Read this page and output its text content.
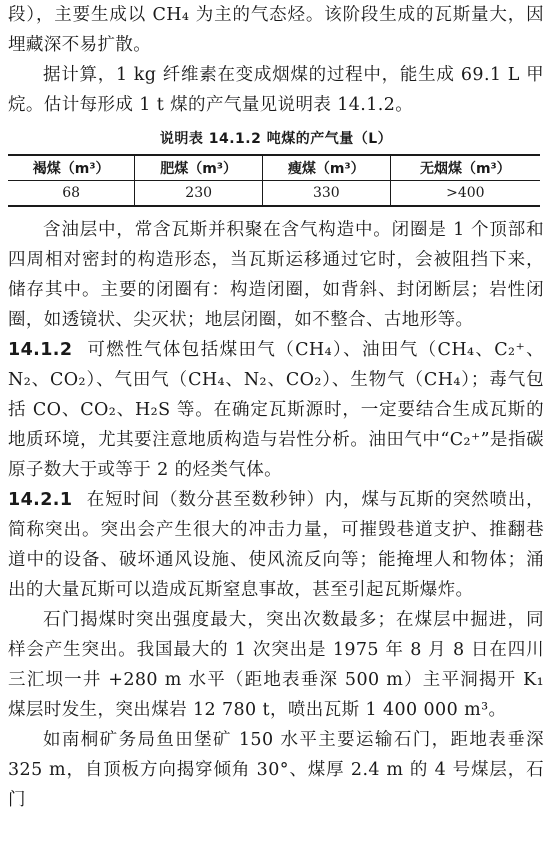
段），主要生成以 CH₄ 为主的气态烃。该阶段生成的瓦斯量大，因埋藏深不易扩散。

据计算，1 kg 纤维素在变成烟煤的过程中，能生成 69.1 L 甲烷。估计每形成 1 t 煤的产气量见说明表 14.1.2。

说明表 14.1.2 吨煤的产气量（L）
褐煤（m³）	肥煤（m³）	瘦煤（m³）	无烟煤（m³）
68	230	330	>400

含油层中，常含瓦斯并积聚在含气构造中。闭圈是 1 个顶部和四周相对密封的构造形态，当瓦斯运移通过它时，会被阻挡下来，储存其中。主要的闭圈有：构造闭圈，如背斜、封闭断层；岩性闭圈，如透镜状、尖灭状；地层闭圈，如不整合、古地形等。

14.1.2 可燃性气体包括煤田气（CH₄）、油田气（CH₄、C₂⁺、N₂、CO₂）、气田气（CH₄、N₂、CO₂）、生物气（CH₄）；毒气包括 CO、CO₂、H₂S 等。在确定瓦斯源时，一定要结合生成瓦斯的地质环境，尤其要注意地质构造与岩性分析。油田气中“C₂⁺”是指碳原子数大于或等于 2 的烃类气体。

14.2.1 在短时间（数分甚至数秒钟）内，煤与瓦斯的突然喷出，简称突出。突出会产生很大的冲击力量，可摧毁巷道支护、推翻巷道中的设备、破坏通风设施、使风流反向等；能掩埋人和物体；涌出的大量瓦斯可以造成瓦斯窒息事故，甚至引起瓦斯爆炸。

石门揭煤时突出强度最大，突出次数最多；在煤层中掘进，同样会产生突出。我国最大的 1 次突出是 1975 年 8 月 8 日在四川三汇坝一井 +280 m 水平（距地表垂深 500 m）主平洞揭开 K₁ 煤层时发生，突出煤岩 12 780 t，喷出瓦斯 1 400 000 m³。

如南桐矿务局鱼田堡矿 150 水平主要运输石门，距地表垂深 325 m，自顶板方向揭穿倾角 30°、煤厚 2.4 m 的 4 号煤层，石门
